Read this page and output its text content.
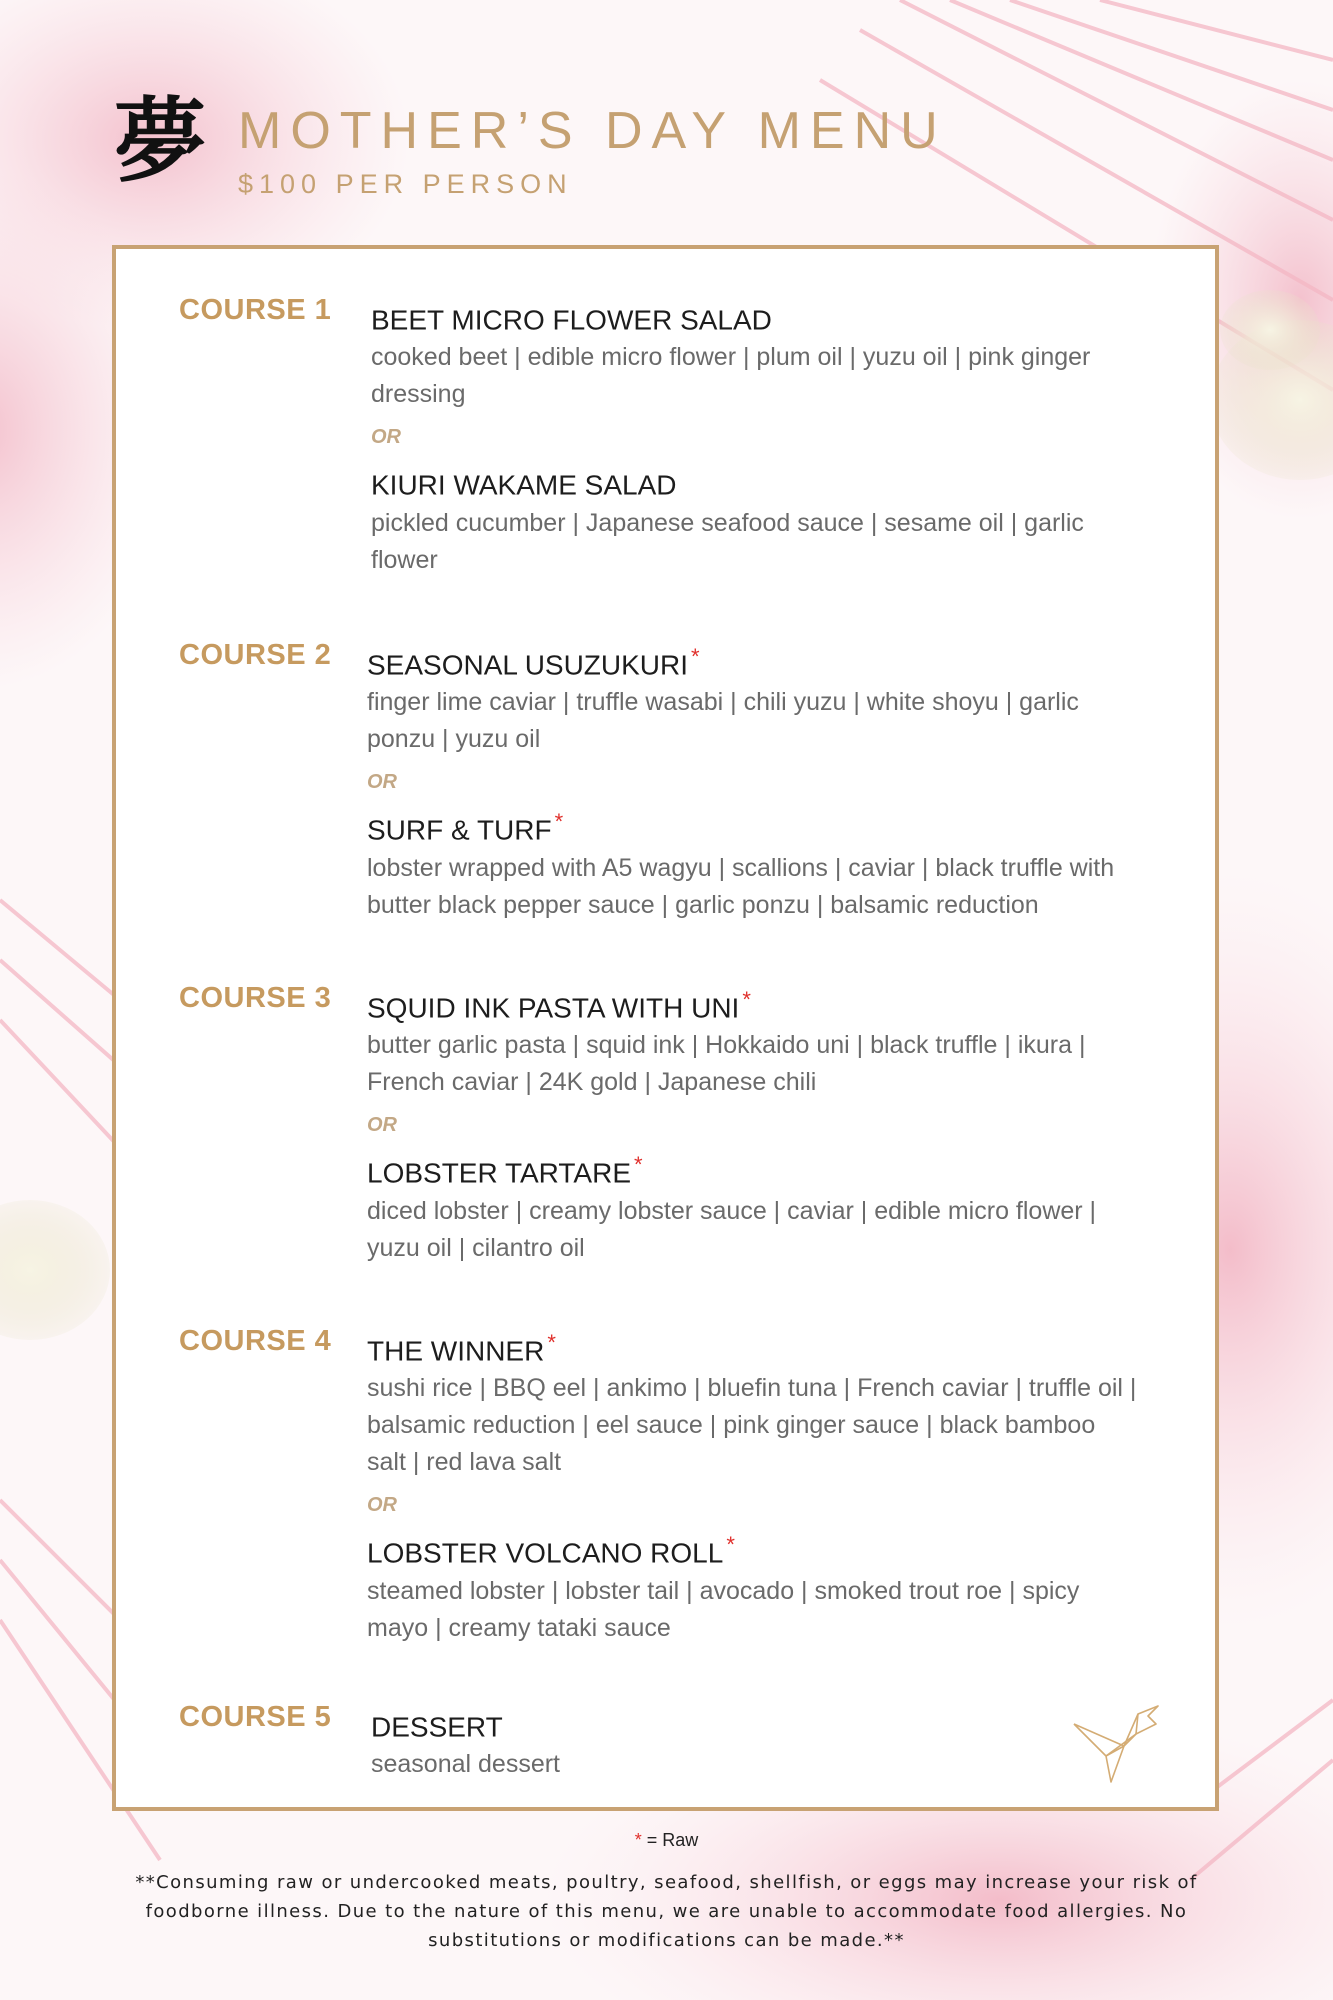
夢 MOTHER’S DAY MENU
$100 PER PERSON
COURSE 1 BEET MICRO FLOWER SALAD
cooked beet | edible micro flower | plum oil | yuzu oil | pink ginger dressing
OR
KIURI WAKAME SALAD
pickled cucumber | Japanese seafood sauce | sesame oil | garlic flower
COURSE 2 SEASONAL USUZUKURI *
finger lime caviar | truffle wasabi | chili yuzu | white shoyu | garlic ponzu | yuzu oil
OR
SURF & TURF *
lobster wrapped with A5 wagyu | scallions | caviar | black truffle with butter black pepper sauce | garlic ponzu | balsamic reduction
COURSE 3 SQUID INK PASTA WITH UNI *
butter garlic pasta | squid ink | Hokkaido uni | black truffle | ikura | French caviar | 24K gold | Japanese chili
OR
LOBSTER TARTARE *
diced lobster | creamy lobster sauce | caviar | edible micro flower | yuzu oil | cilantro oil
COURSE 4 THE WINNER *
sushi rice | BBQ eel | ankimo | bluefin tuna | French caviar | truffle oil | balsamic reduction | eel sauce | pink ginger sauce | black bamboo salt | red lava salt
OR
LOBSTER VOLCANO ROLL *
steamed lobster | lobster tail | avocado | smoked trout roe | spicy mayo | creamy tataki sauce
COURSE 5 DESSERT
seasonal dessert
* = Raw
**Consuming raw or undercooked meats, poultry, seafood, shellfish, or eggs may increase your risk of foodborne illness. Due to the nature of this menu, we are unable to accommodate food allergies. No substitutions or modifications can be made.**
